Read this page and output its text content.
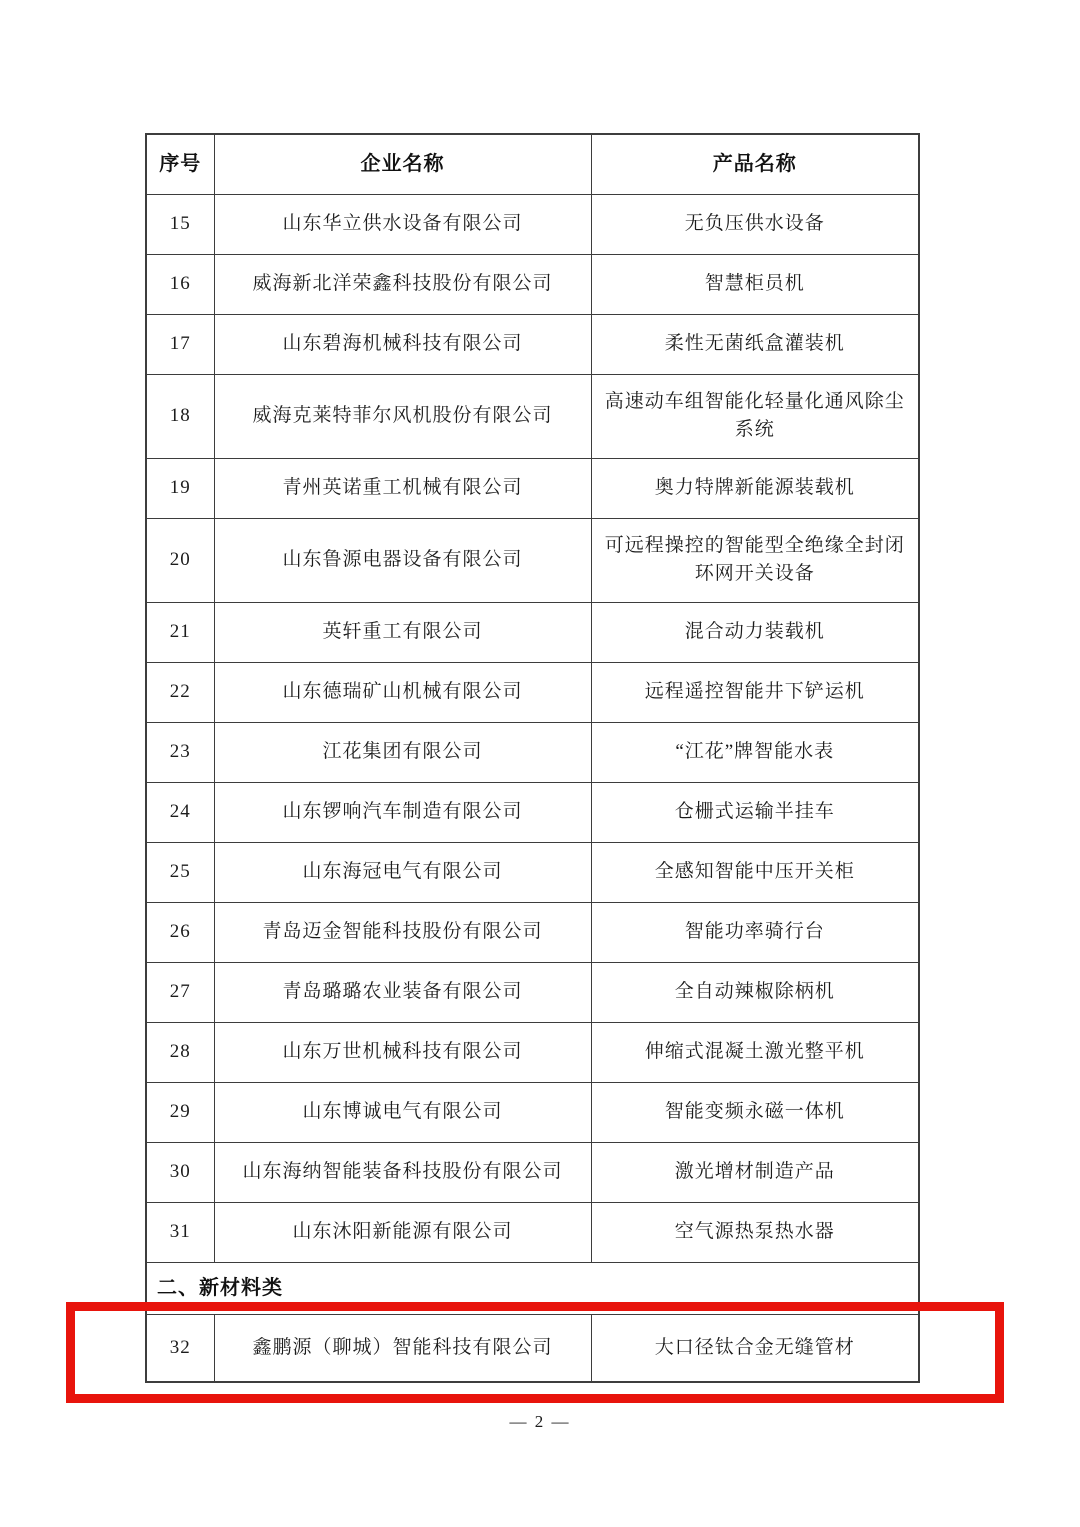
序号	企业名称	产品名称
15	山东华立供水设备有限公司	无负压供水设备
16	威海新北洋荣鑫科技股份有限公司	智慧柜员机
17	山东碧海机械科技有限公司	柔性无菌纸盒灌装机
18	威海克莱特菲尔风机股份有限公司	高速动车组智能化轻量化通风除尘系统
19	青州英诺重工机械有限公司	奥力特牌新能源装载机
20	山东鲁源电器设备有限公司	可远程操控的智能型全绝缘全封闭环网开关设备
21	英轩重工有限公司	混合动力装载机
22	山东德瑞矿山机械有限公司	远程遥控智能井下铲运机
23	江花集团有限公司	“江花”牌智能水表
24	山东锣响汽车制造有限公司	仓栅式运输半挂车
25	山东海冠电气有限公司	全感知智能中压开关柜
26	青岛迈金智能科技股份有限公司	智能功率骑行台
27	青岛璐璐农业装备有限公司	全自动辣椒除柄机
28	山东万世机械科技有限公司	伸缩式混凝土激光整平机
29	山东博诚电气有限公司	智能变频永磁一体机
30	山东海纳智能装备科技股份有限公司	激光增材制造产品
31	山东沐阳新能源有限公司	空气源热泵热水器
二、新材料类		
32	鑫鹏源（聊城）智能科技有限公司	大口径钛合金无缝管材
— 2 —
